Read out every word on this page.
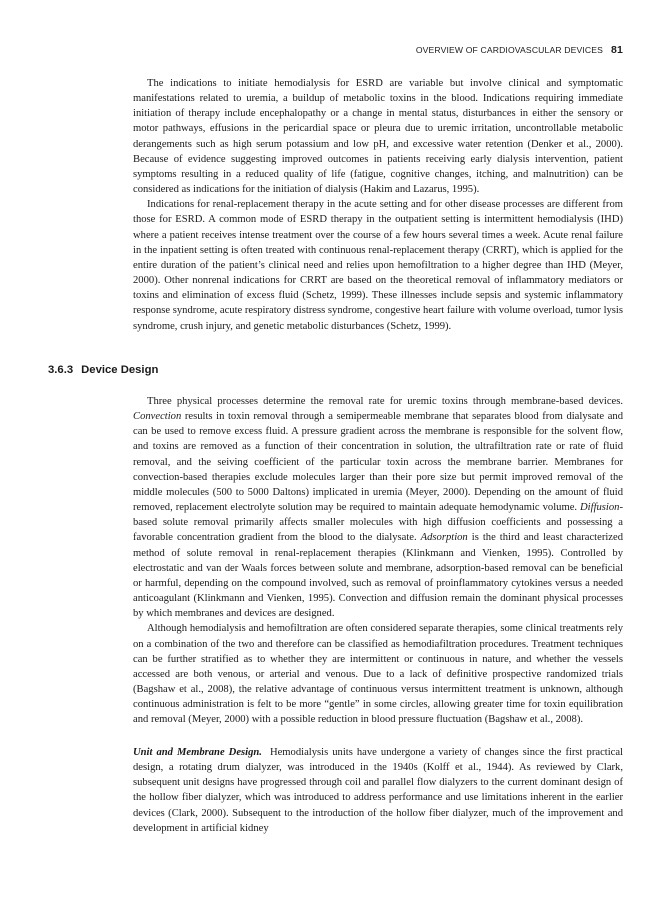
OVERVIEW OF CARDIOVASCULAR DEVICES 81

The indications to initiate hemodialysis for ESRD are variable but involve clinical and symptomatic manifestations related to uremia, a buildup of metabolic toxins in the blood. Indications requiring immediate initiation of therapy include encephalopathy or a change in mental status, disturbances in either the sensory or motor pathways, effusions in the pericardial space or pleura due to uremic irritation, uncontrollable metabolic derangements such as high serum potassium and low pH, and excessive water retention (Denker et al., 2000). Because of evidence suggesting improved outcomes in patients receiving early dialysis intervention, patient symptoms resulting in a reduced quality of life (fatigue, cognitive changes, itching, and malnutrition) can be considered as indications for the initiation of dialysis (Hakim and Lazarus, 1995).

Indications for renal-replacement therapy in the acute setting and for other disease processes are different from those for ESRD. A common mode of ESRD therapy in the outpatient setting is intermittent hemodialysis (IHD) where a patient receives intense treatment over the course of a few hours several times a week. Acute renal failure in the inpatient setting is often treated with continuous renal-replacement therapy (CRRT), which is applied for the entire duration of the patient’s clinical need and relies upon hemofiltration to a higher degree than IHD (Meyer, 2000). Other nonrenal indications for CRRT are based on the theoretical removal of inflammatory mediators or toxins and elimination of excess fluid (Schetz, 1999). These illnesses include sepsis and systemic inflammatory response syndrome, acute respiratory distress syndrome, congestive heart failure with volume overload, tumor lysis syndrome, crush injury, and genetic metabolic disturbances (Schetz, 1999).

3.6.3 Device Design

Three physical processes determine the removal rate for uremic toxins through membrane-based devices. Convection results in toxin removal through a semipermeable membrane that separates blood from dialysate and can be used to remove excess fluid. A pressure gradient across the membrane is responsible for the solvent flow, and toxins are removed as a function of their concentration in solution, the ultrafiltration rate or rate of fluid removal, and the seiving coefficient of the particular toxin across the membrane barrier. Membranes for convection-based therapies exclude molecules larger than their pore size but permit improved removal of the middle molecules (500 to 5000 Daltons) implicated in uremia (Meyer, 2000). Depending on the amount of fluid removed, replacement electrolyte solution may be required to maintain adequate hemodynamic volume. Diffusion-based solute removal primarily affects smaller molecules with high diffusion coefficients and possessing a favorable concentration gradient from the blood to the dialysate. Adsorption is the third and least characterized method of solute removal in renal-replacement therapies (Klinkmann and Vienken, 1995). Controlled by electrostatic and van der Waals forces between solute and membrane, adsorption-based removal can be beneficial or harmful, depending on the compound involved, such as removal of proinflammatory cytokines versus a needed anticoagulant (Klinkmann and Vienken, 1995). Convection and diffusion remain the dominant physical processes by which membranes and devices are designed.

Although hemodialysis and hemofiltration are often considered separate therapies, some clinical treatments rely on a combination of the two and therefore can be classified as hemodiafiltration procedures. Treatment techniques can be further stratified as to whether they are intermittent or continuous in nature, and whether the vessels accessed are both venous, or arterial and venous. Due to a lack of definitive prospective randomized trials (Bagshaw et al., 2008), the relative advantage of continuous versus intermittent treatment is unknown, although continuous administration is felt to be more “gentle” in some circles, allowing greater time for toxin equilibration and removal (Meyer, 2000) with a possible reduction in blood pressure fluctuation (Bagshaw et al., 2008).

Unit and Membrane Design. Hemodialysis units have undergone a variety of changes since the first practical design, a rotating drum dialyzer, was introduced in the 1940s (Kolff et al., 1944). As reviewed by Clark, subsequent unit designs have progressed through coil and parallel flow dialyzers to the current dominant design of the hollow fiber dialyzer, which was introduced to address performance and use limitations inherent in the earlier devices (Clark, 2000). Subsequent to the introduction of the hollow fiber dialyzer, much of the improvement and development in artificial kidney
